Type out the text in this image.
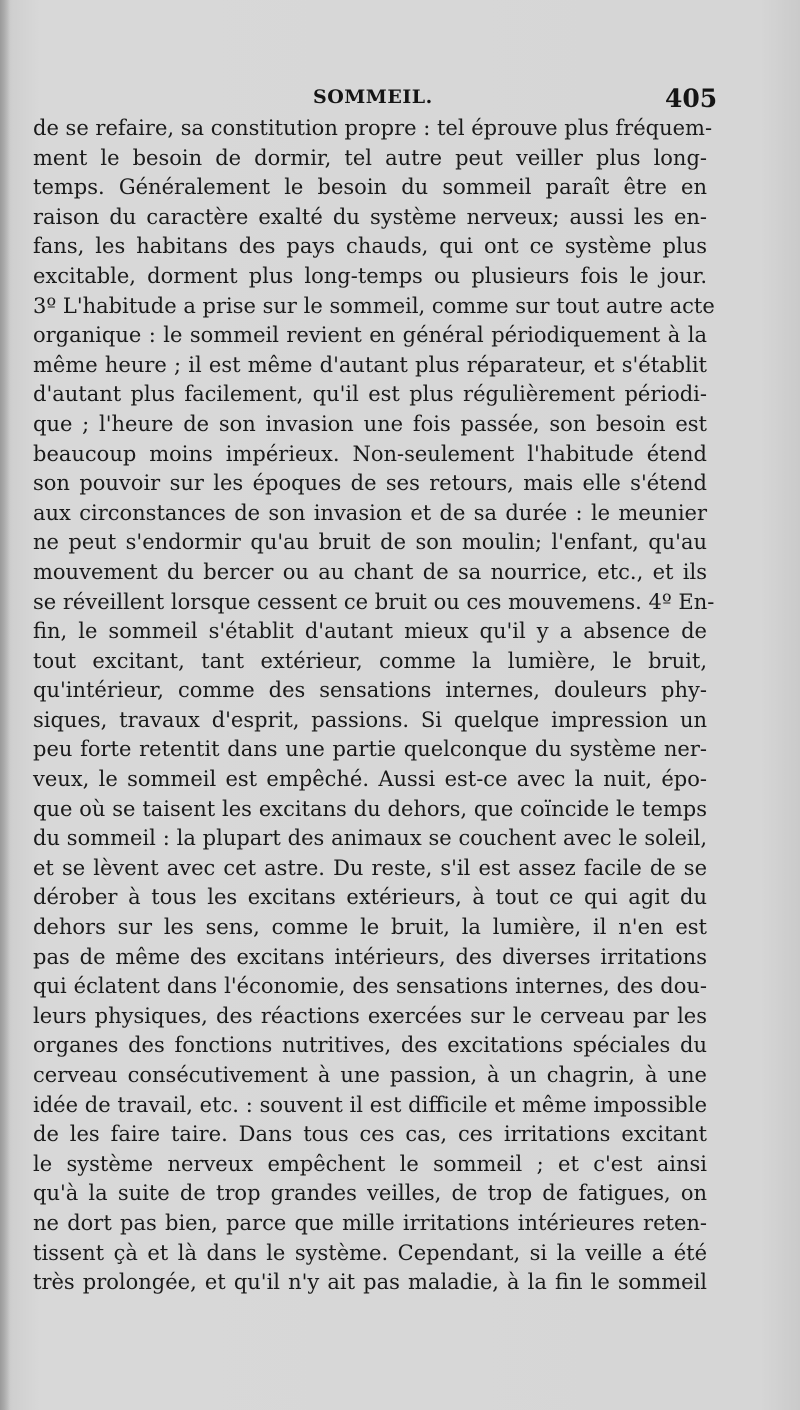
SOMMEIL.	405
de se refaire, sa constitution propre : tel éprouve plus fréquem-
ment le besoin de dormir, tel autre peut veiller plus long-
temps. Généralement le besoin du sommeil paraît être en
raison du caractère exalté du système nerveux; aussi les en-
fans, les habitans des pays chauds, qui ont ce système plus
excitable, dorment plus long-temps ou plusieurs fois le jour.
3º L'habitude a prise sur le sommeil, comme sur tout autre acte
organique : le sommeil revient en général périodiquement à la
même heure ; il est même d'autant plus réparateur, et s'établit
d'autant plus facilement, qu'il est plus régulièrement périodi-
que ; l'heure de son invasion une fois passée, son besoin est
beaucoup moins impérieux. Non-seulement l'habitude étend
son pouvoir sur les époques de ses retours, mais elle s'étend
aux circonstances de son invasion et de sa durée : le meunier
ne peut s'endormir qu'au bruit de son moulin; l'enfant, qu'au
mouvement du bercer ou au chant de sa nourrice, etc., et ils
se réveillent lorsque cessent ce bruit ou ces mouvemens. 4º En-
fin, le sommeil s'établit d'autant mieux qu'il y a absence de
tout excitant, tant extérieur, comme la lumière, le bruit,
qu'intérieur, comme des sensations internes, douleurs phy-
siques, travaux d'esprit, passions. Si quelque impression un
peu forte retentit dans une partie quelconque du système ner-
veux, le sommeil est empêché. Aussi est-ce avec la nuit, épo-
que où se taisent les excitans du dehors, que coïncide le temps
du sommeil : la plupart des animaux se couchent avec le soleil,
et se lèvent avec cet astre. Du reste, s'il est assez facile de se
dérober à tous les excitans extérieurs, à tout ce qui agit du
dehors sur les sens, comme le bruit, la lumière, il n'en est
pas de même des excitans intérieurs, des diverses irritations
qui éclatent dans l'économie, des sensations internes, des dou-
leurs physiques, des réactions exercées sur le cerveau par les
organes des fonctions nutritives, des excitations spéciales du
cerveau consécutivement à une passion, à un chagrin, à une
idée de travail, etc. : souvent il est difficile et même impossible
de les faire taire. Dans tous ces cas, ces irritations excitant
le système nerveux empêchent le sommeil ; et c'est ainsi
qu'à la suite de trop grandes veilles, de trop de fatigues, on
ne dort pas bien, parce que mille irritations intérieures reten-
tissent çà et là dans le système. Cependant, si la veille a été
très prolongée, et qu'il n'y ait pas maladie, à la fin le sommeil
